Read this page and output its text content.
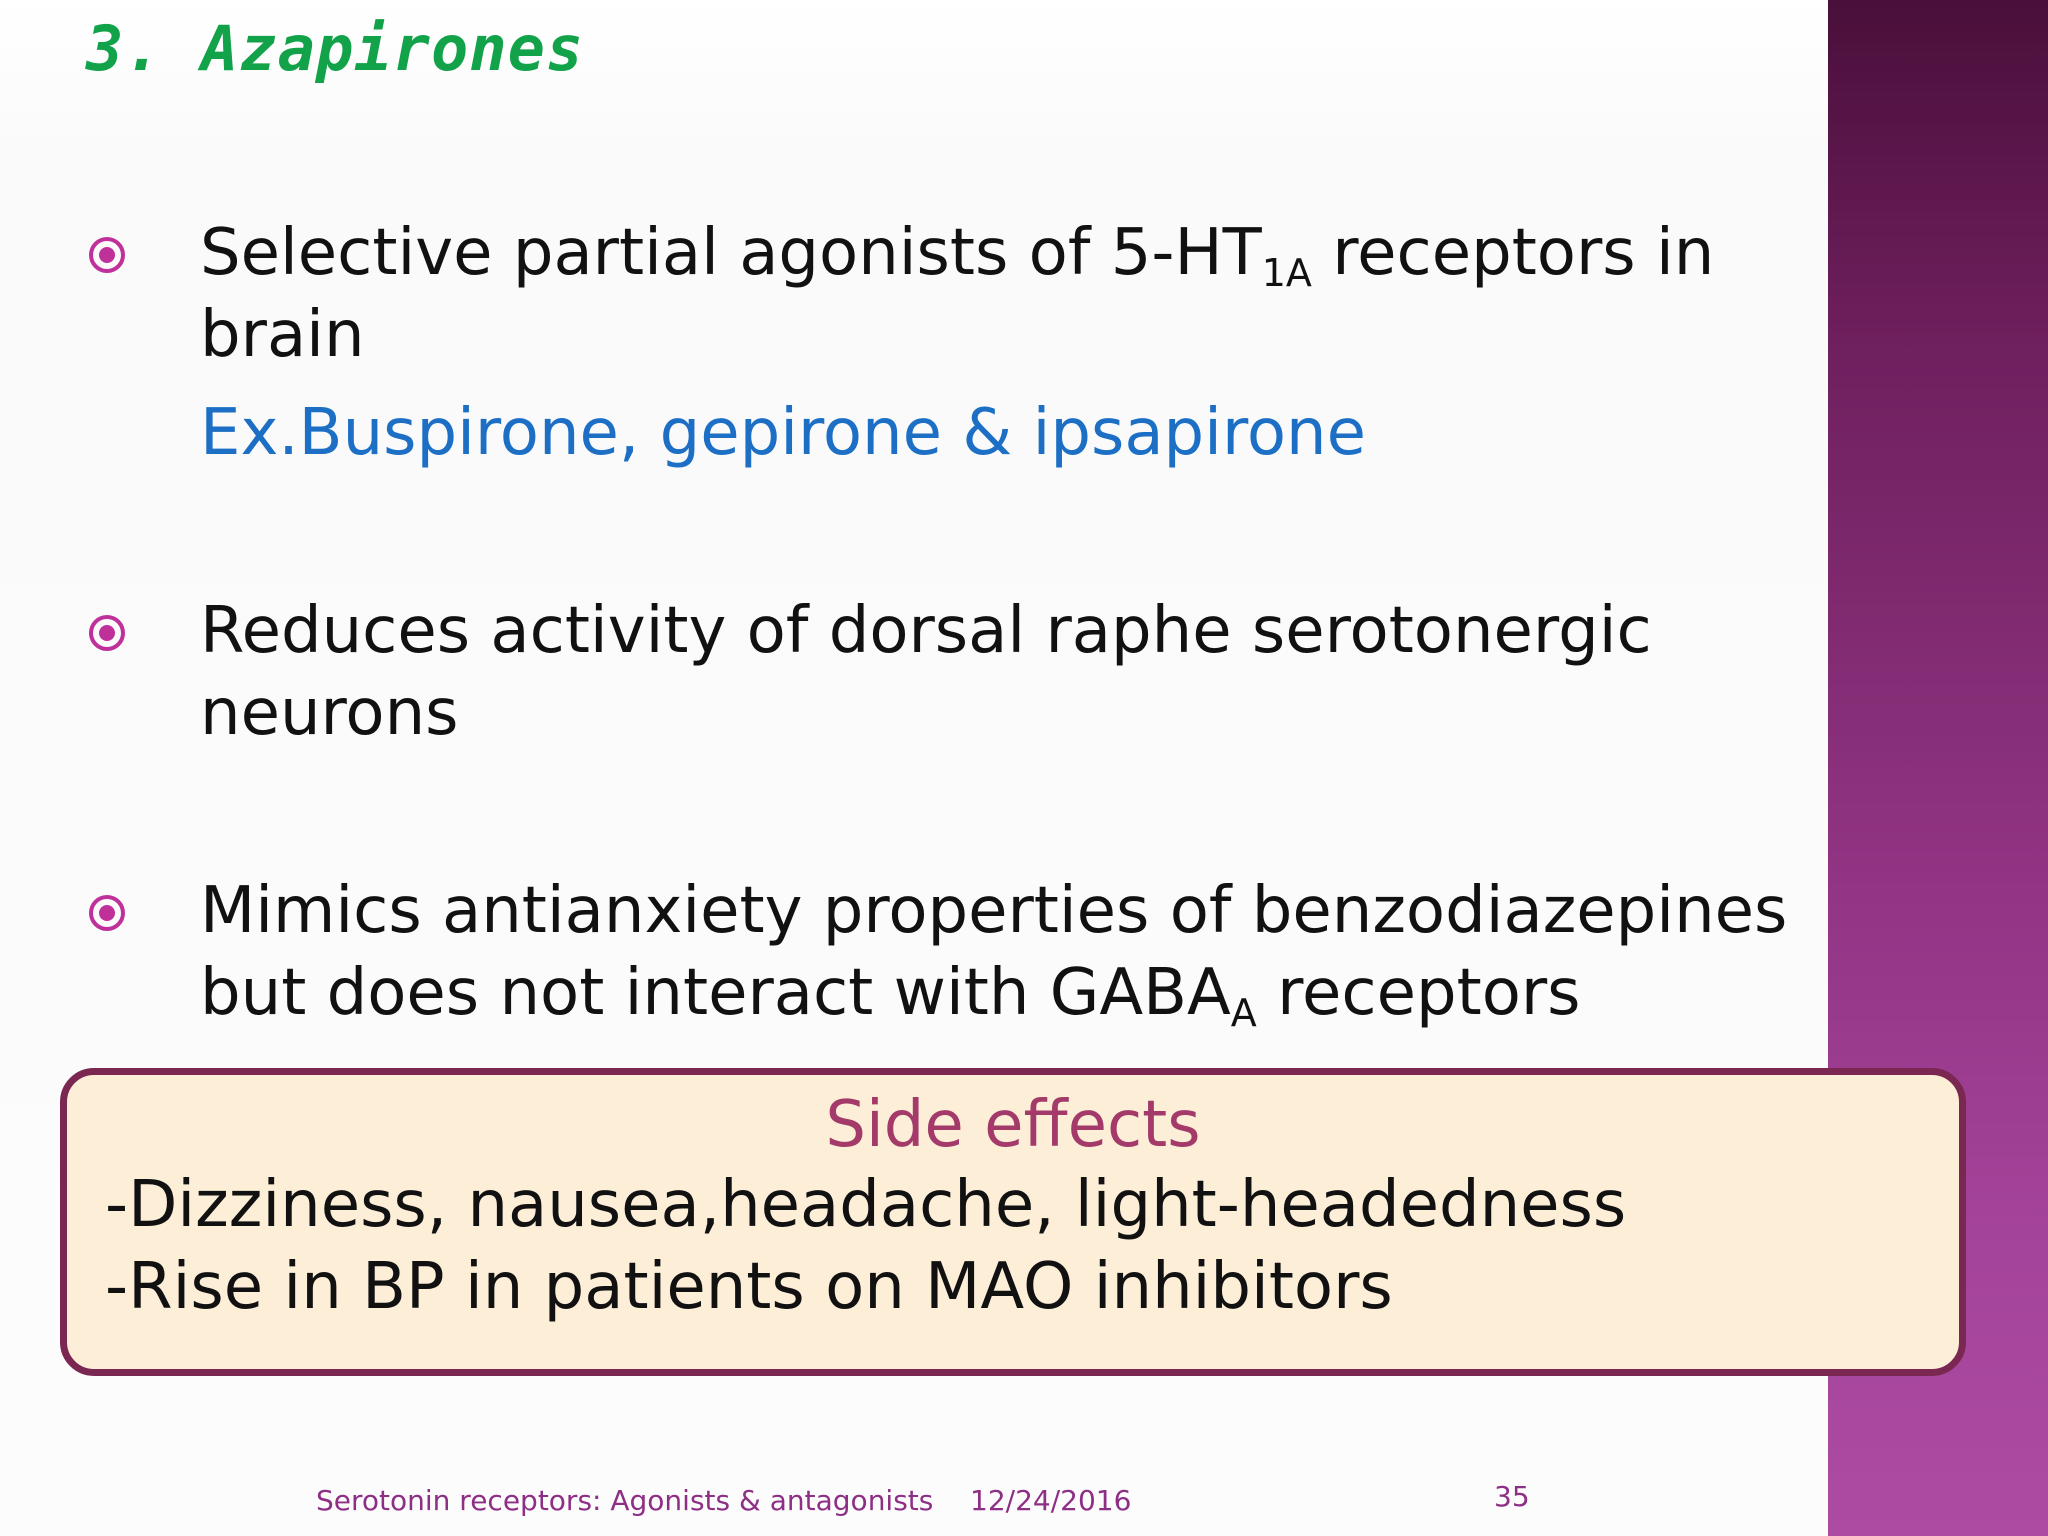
3. Azapirones

Selective partial agonists of $5-HT_{1A}$ receptors in
brain

Ex.Buspirone, gepirone & ipsapirone

Reduces activity of dorsal raphe serotonergic
neurons

Mimics antianxiety properties of benzodiazepines
but does not interact with $GABA_A$ receptors

Side effects

-Dizziness, nausea,headache, light-headedness

-Rise in BP in patients on MAO inhibitors

Serotonin receptors: Agonists & antagonists 12/24/2016	35
